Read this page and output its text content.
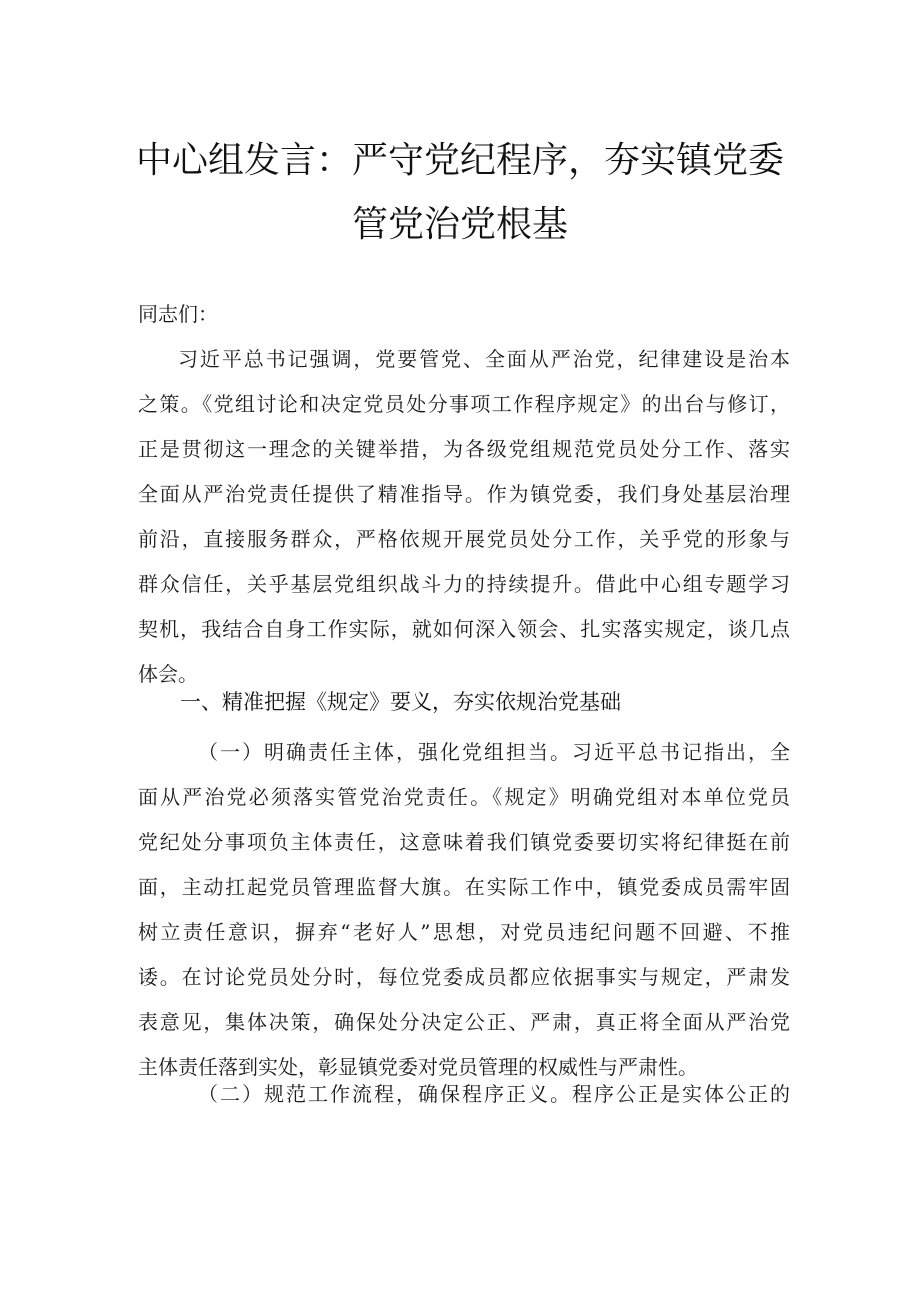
中心组发言：严守党纪程序，夯实镇党委
管党治党根基
同志们：
习近平总书记强调，党要管党、全面从严治党，纪律建设是治本
之策。《党组讨论和决定党员处分事项工作程序规定》的出台与修订，
正是贯彻这一理念的关键举措，为各级党组规范党员处分工作、落实
全面从严治党责任提供了精准指导。作为镇党委，我们身处基层治理
前沿，直接服务群众，严格依规开展党员处分工作，关乎党的形象与
群众信任，关乎基层党组织战斗力的持续提升。借此中心组专题学习
契机，我结合自身工作实际，就如何深入领会、扎实落实规定，谈几点
体会。
一、精准把握《规定》要义，夯实依规治党基础
（一）明确责任主体，强化党组担当。习近平总书记指出，全
面从严治党必须落实管党治党责任。《规定》明确党组对本单位党员
党纪处分事项负主体责任，这意味着我们镇党委要切实将纪律挺在前
面，主动扛起党员管理监督大旗。在实际工作中，镇党委成员需牢固
树立责任意识，摒弃“老好人”思想，对党员违纪问题不回避、不推
诿。在讨论党员处分时，每位党委成员都应依据事实与规定，严肃发
表意见，集体决策，确保处分决定公正、严肃，真正将全面从严治党
主体责任落到实处，彰显镇党委对党员管理的权威性与严肃性。
（二）规范工作流程，确保程序正义。程序公正是实体公正的
